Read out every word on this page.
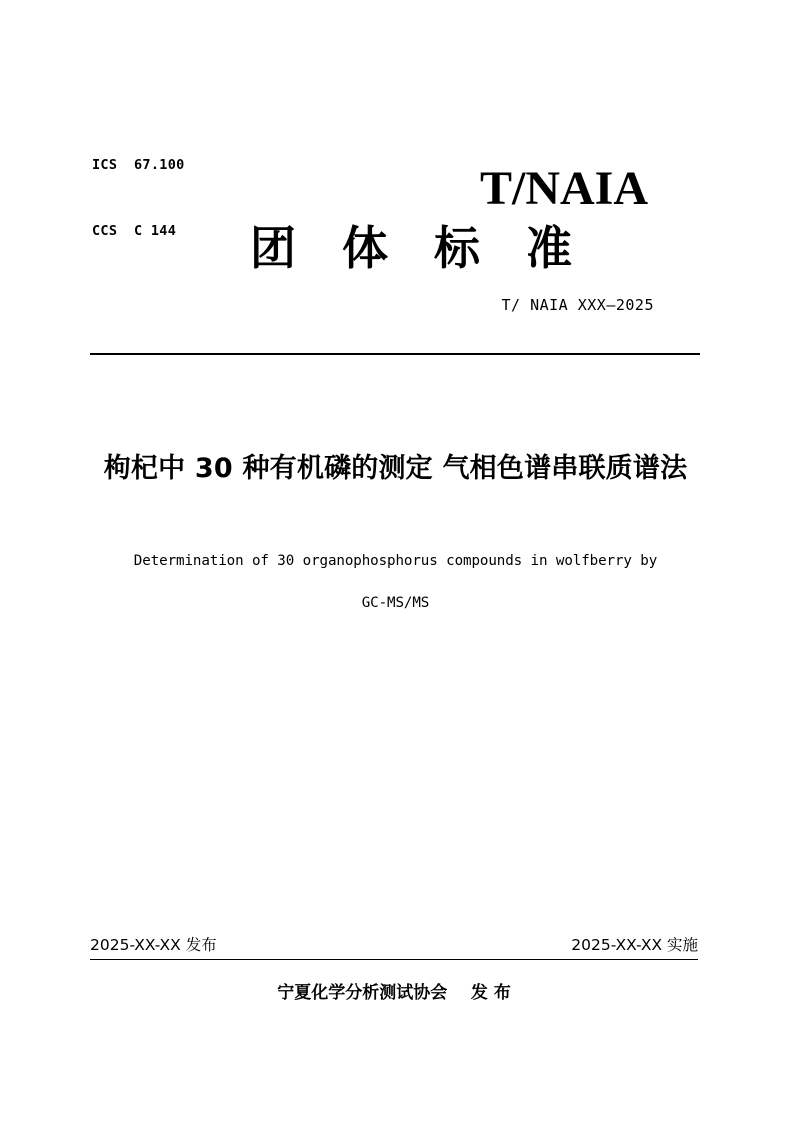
ICS 67.100

CCS C 144

T/NAIA
团体标准
T/ NAIA XXX—2025
枸杞中 30 种有机磷的测定 气相色谱串联质谱法
Determination of 30 organophosphorus compounds in wolfberry by
GC-MS/MS
2025-XX-XX 发布	2025-XX-XX 实施
宁夏化学分析测试协会    发 布
